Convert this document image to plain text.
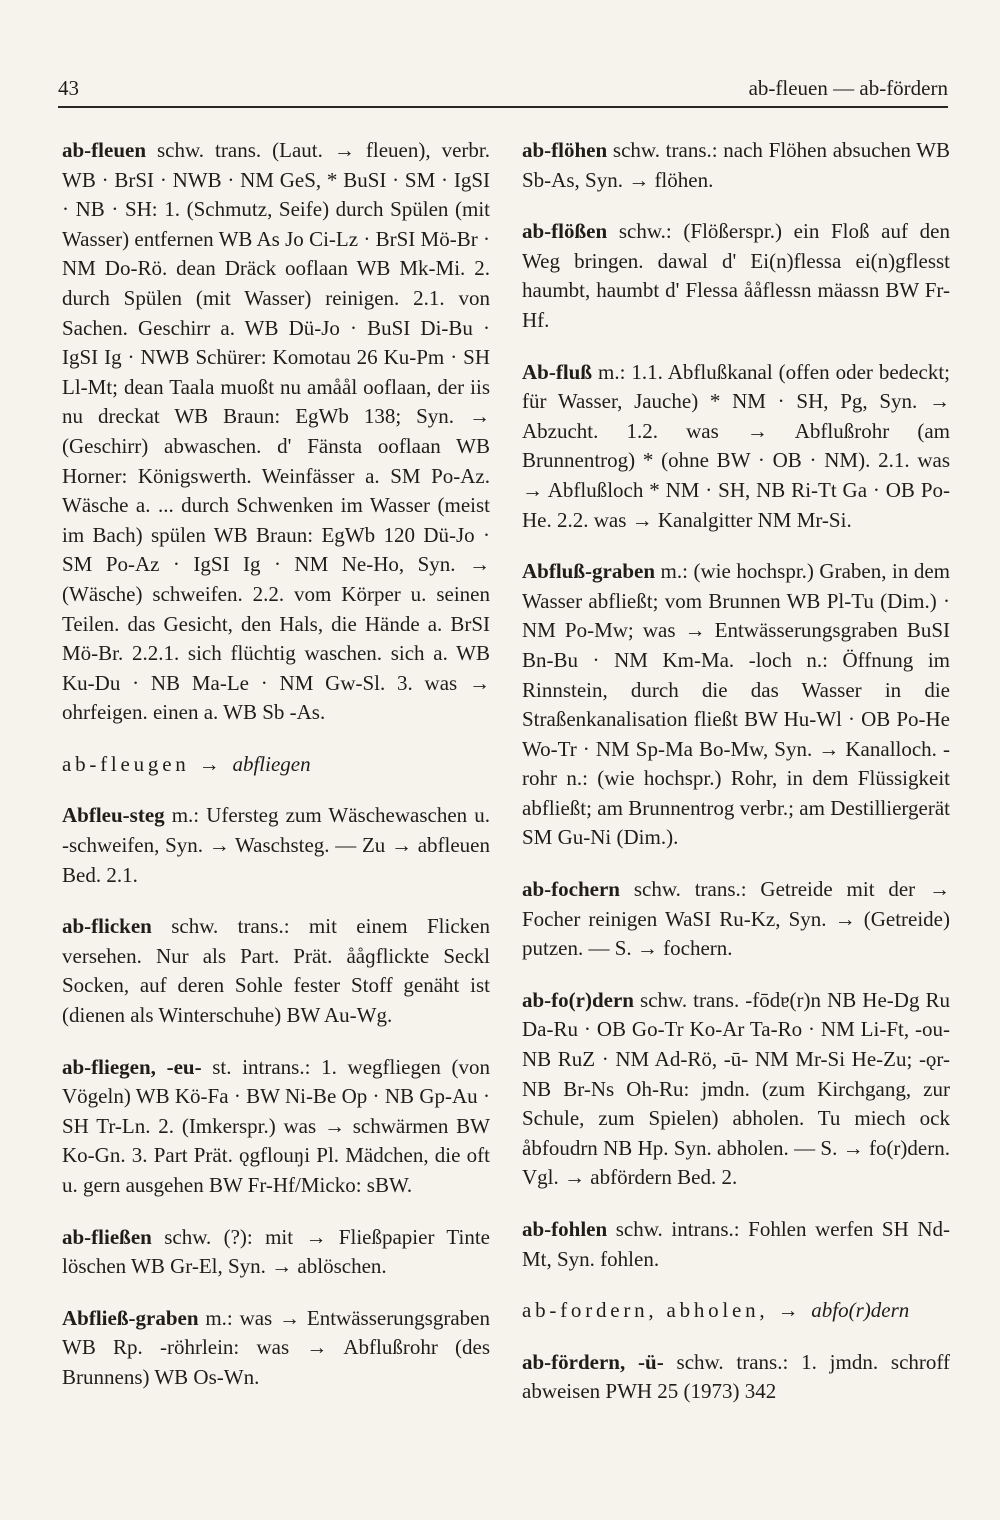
43	ab-fleuen — ab-fördern

ab-fleuen schw. trans. (Laut. → fleuen), verbr. WB · BrSI · NWB · NM GeS, * BuSI · SM · IgSI · NB · SH: 1. (Schmutz, Seife) durch Spülen (mit Wasser) entfernen WB As Jo Ci-Lz · BrSI Mö-Br · NM Do-Rö. dean Dräck ooflaan WB Mk-Mi. 2. durch Spülen (mit Wasser) reinigen. 2.1. von Sachen. Geschirr a. WB Dü-Jo · BuSI Di-Bu · IgSI Ig · NWB Schürer: Komotau 26 Ku-Pm · SH Ll-Mt; dean Taala muoßt nu amåål ooflaan, der iis nu dreckat WB Braun: EgWb 138; Syn. → (Geschirr) abwaschen. d' Fänsta ooflaan WB Horner: Königswerth. Weinfässer a. SM Po-Az. Wäsche a. ... durch Schwenken im Wasser (meist im Bach) spülen WB Braun: EgWb 120 Dü-Jo · SM Po-Az · IgSI Ig · NM Ne-Ho, Syn. → (Wäsche) schweifen. 2.2. vom Körper u. seinen Teilen. das Gesicht, den Hals, die Hände a. BrSI Mö-Br. 2.2.1. sich flüchtig waschen. sich a. WB Ku-Du · NB Ma-Le · NM Gw-Sl. 3. was → ohrfeigen. einen a. WB Sb -As.

ab-fleugen → abfliegen

Abfleu-steg m.: Ufersteg zum Wäschewaschen u. -schweifen, Syn. → Waschsteg. — Zu → abfleuen Bed. 2.1.

ab-flicken schw. trans.: mit einem Flicken versehen. Nur als Part. Prät. ååɡflickte Seckl Socken, auf deren Sohle fester Stoff genäht ist (dienen als Winterschuhe) BW Au-Wg.

ab-fliegen, -eu- st. intrans.: 1. wegfliegen (von Vögeln) WB Kö-Fa · BW Ni-Be Op · NB Gp-Au · SH Tr-Ln. 2. (Imkerspr.) was → schwärmen BW Ko-Gn. 3. Part Prät. ǫgflouŋi Pl. Mädchen, die oft u. gern ausgehen BW Fr-Hf/Micko: sBW.

ab-fließen schw. (?): mit → Fließpapier Tinte löschen WB Gr-El, Syn. → ablöschen.

Abfließ-graben m.: was → Entwässerungsgraben WB Rp. -röhrlein: was → Abflußrohr (des Brunnens) WB Os-Wn.

ab-flöhen schw. trans.: nach Flöhen absuchen WB Sb-As, Syn. → flöhen.

ab-flößen schw.: (Flößerspr.) ein Floß auf den Weg bringen. dawal d' Ei(n)flessa ei(n)gflesst haumbt, haumbt d' Flessa ååflessn mäassn BW Fr-Hf.

Ab-fluß m.: 1.1. Abflußkanal (offen oder bedeckt; für Wasser, Jauche) * NM · SH, Pg, Syn. → Abzucht. 1.2. was → Abflußrohr (am Brunnentrog) * (ohne BW · OB · NM). 2.1. was → Abflußloch * NM · SH, NB Ri-Tt Ga · OB Po-He. 2.2. was → Kanalgitter NM Mr-Si.

Abfluß-graben m.: (wie hochspr.) Graben, in dem Wasser abfließt; vom Brunnen WB Pl-Tu (Dim.) · NM Po-Mw; was → Entwässerungsgraben BuSI Bn-Bu · NM Km-Ma. -loch n.: Öffnung im Rinnstein, durch die das Wasser in die Straßenkanalisation fließt BW Hu-Wl · OB Po-He Wo-Tr · NM Sp-Ma Bo-Mw, Syn. → Kanalloch. -rohr n.: (wie hochspr.) Rohr, in dem Flüssigkeit abfließt; am Brunnentrog verbr.; am Destilliergerät SM Gu-Ni (Dim.).

ab-fochern schw. trans.: Getreide mit der → Focher reinigen WaSI Ru-Kz, Syn. → (Getreide) putzen. — S. → fochern.

ab-fo(r)dern schw. trans. -fōdɐ(r)n NB He-Dg Ru Da-Ru · OB Go-Tr Ko-Ar Ta-Ro · NM Li-Ft, -ou- NB RuZ · NM Ad-Rö, -ū- NM Mr-Si He-Zu; -ǫr- NB Br-Ns Oh-Ru: jmdn. (zum Kirchgang, zur Schule, zum Spielen) abholen. Tu miech ock åbfoudrn NB Hp. Syn. abholen. — S. → fo(r)dern. Vgl. → abfördern Bed. 2.

ab-fohlen schw. intrans.: Fohlen werfen SH Nd-Mt, Syn. fohlen.

ab-fordern, abholen, → abfo(r)dern

ab-fördern, -ü- schw. trans.: 1. jmdn. schroff abweisen PWH 25 (1973) 342
